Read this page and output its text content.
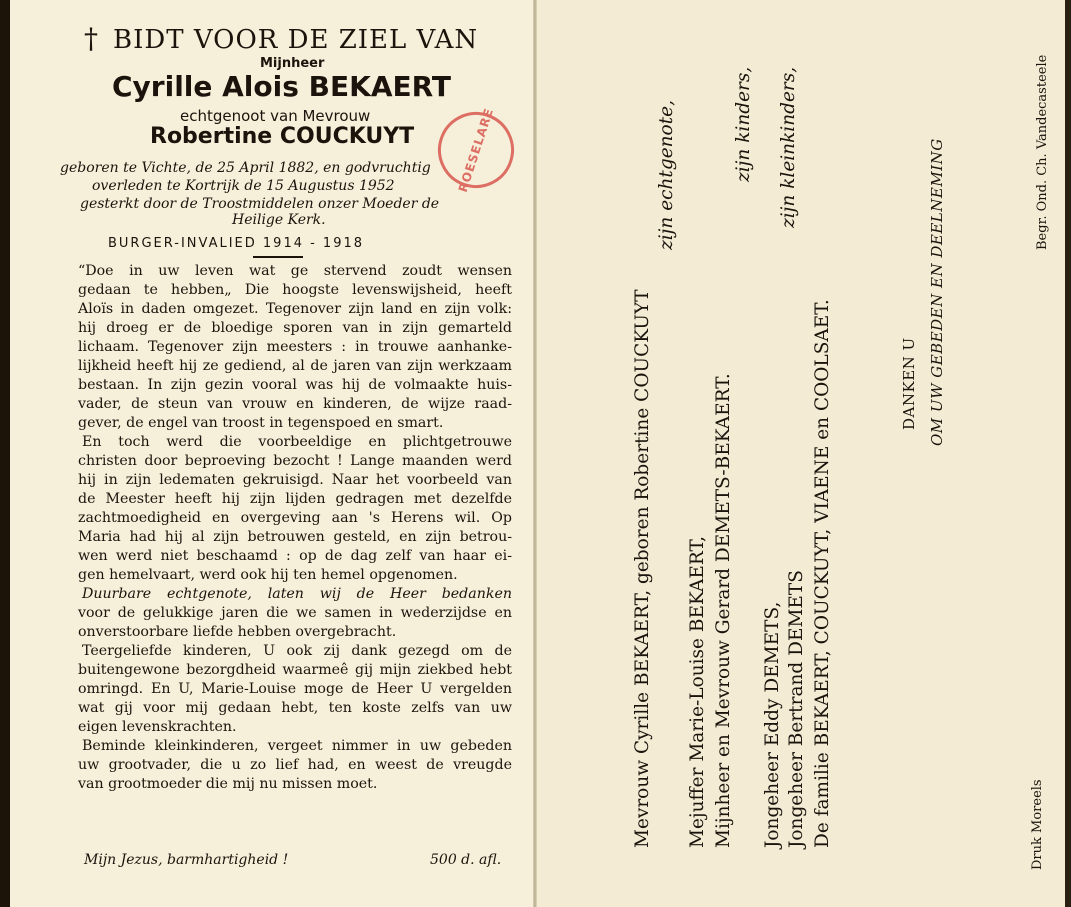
† BIDT VOOR DE ZIEL VAN
Mijnheer
Cyrille Alois BEKAERT
echtgenoot van Mevrouw
Robertine COUCKUYT	ROESELARE
geboren te Vichte, de 25 April 1882, en godvruchtig
overleden te Kortrijk de 15 Augustus 1952
gesterkt door de Troostmiddelen onzer Moeder de
Heilige Kerk.
BURGER-INVALIED 1914 - 1918
“Doe in uw leven wat ge stervend zoudt wensen
gedaan te hebben„ Die hoogste levenswijsheid, heeft
Aloïs in daden omgezet. Tegenover zijn land en zijn volk:
hij droeg er de bloedige sporen van in zijn gemarteld
lichaam. Tegenover zijn meesters : in trouwe aanhanke-
lijkheid heeft hij ze gediend, al de jaren van zijn werkzaam
bestaan. In zijn gezin vooral was hij de volmaakte huis-
vader, de steun van vrouw en kinderen, de wijze raad-
gever, de engel van troost in tegenspoed en smart.
En toch werd die voorbeeldige en plichtgetrouwe
christen door beproeving bezocht ! Lange maanden werd
hij in zijn ledematen gekruisigd. Naar het voorbeeld van
de Meester heeft hij zijn lijden gedragen met dezelfde
zachtmoedigheid en overgeving aan 's Herens wil. Op
Maria had hij al zijn betrouwen gesteld, en zijn betrou-
wen werd niet beschaamd : op de dag zelf van haar ei-
gen hemelvaart, werd ook hij ten hemel opgenomen.
Duurbare echtgenote, laten wij de Heer bedanken
voor de gelukkige jaren die we samen in wederzijdse en
onverstoorbare liefde hebben overgebracht.
Teergeliefde kinderen, U ook zij dank gezegd om de
buitengewone bezorgdheid waarmeê gij mijn ziekbed hebt
omringd. En U, Marie-Louise moge de Heer U vergelden
wat gij voor mij gedaan hebt, ten koste zelfs van uw
eigen levenskrachten.
Beminde kleinkinderen, vergeet nimmer in uw gebeden
uw grootvader, die u zo lief had, en weest de vreugde
van grootmoeder die mij nu missen moet.
Mijn Jezus, barmhartigheid !	500 d. afl.
Mevrouw Cyrille BEKAERT, geboren Robertine COUCKUYT
zijn echtgenote,
Mejuffer Marie-Louise BEKAERT, Mijnheer en Mevrouw Gerard DEMETS-BEKAERT.
zijn kinders,
Jongeheer Eddy DEMETS, Jongeheer Bertrand DEMETS
zijn kleinkinders,
De familie BEKAERT, COUCKUYT, VIAENE en COOLSAET.	DANKEN U OM UW GEBEDEN EN DEELNEMING	Begr. Ond. Ch. Vandecasteele
Druk Moreels
